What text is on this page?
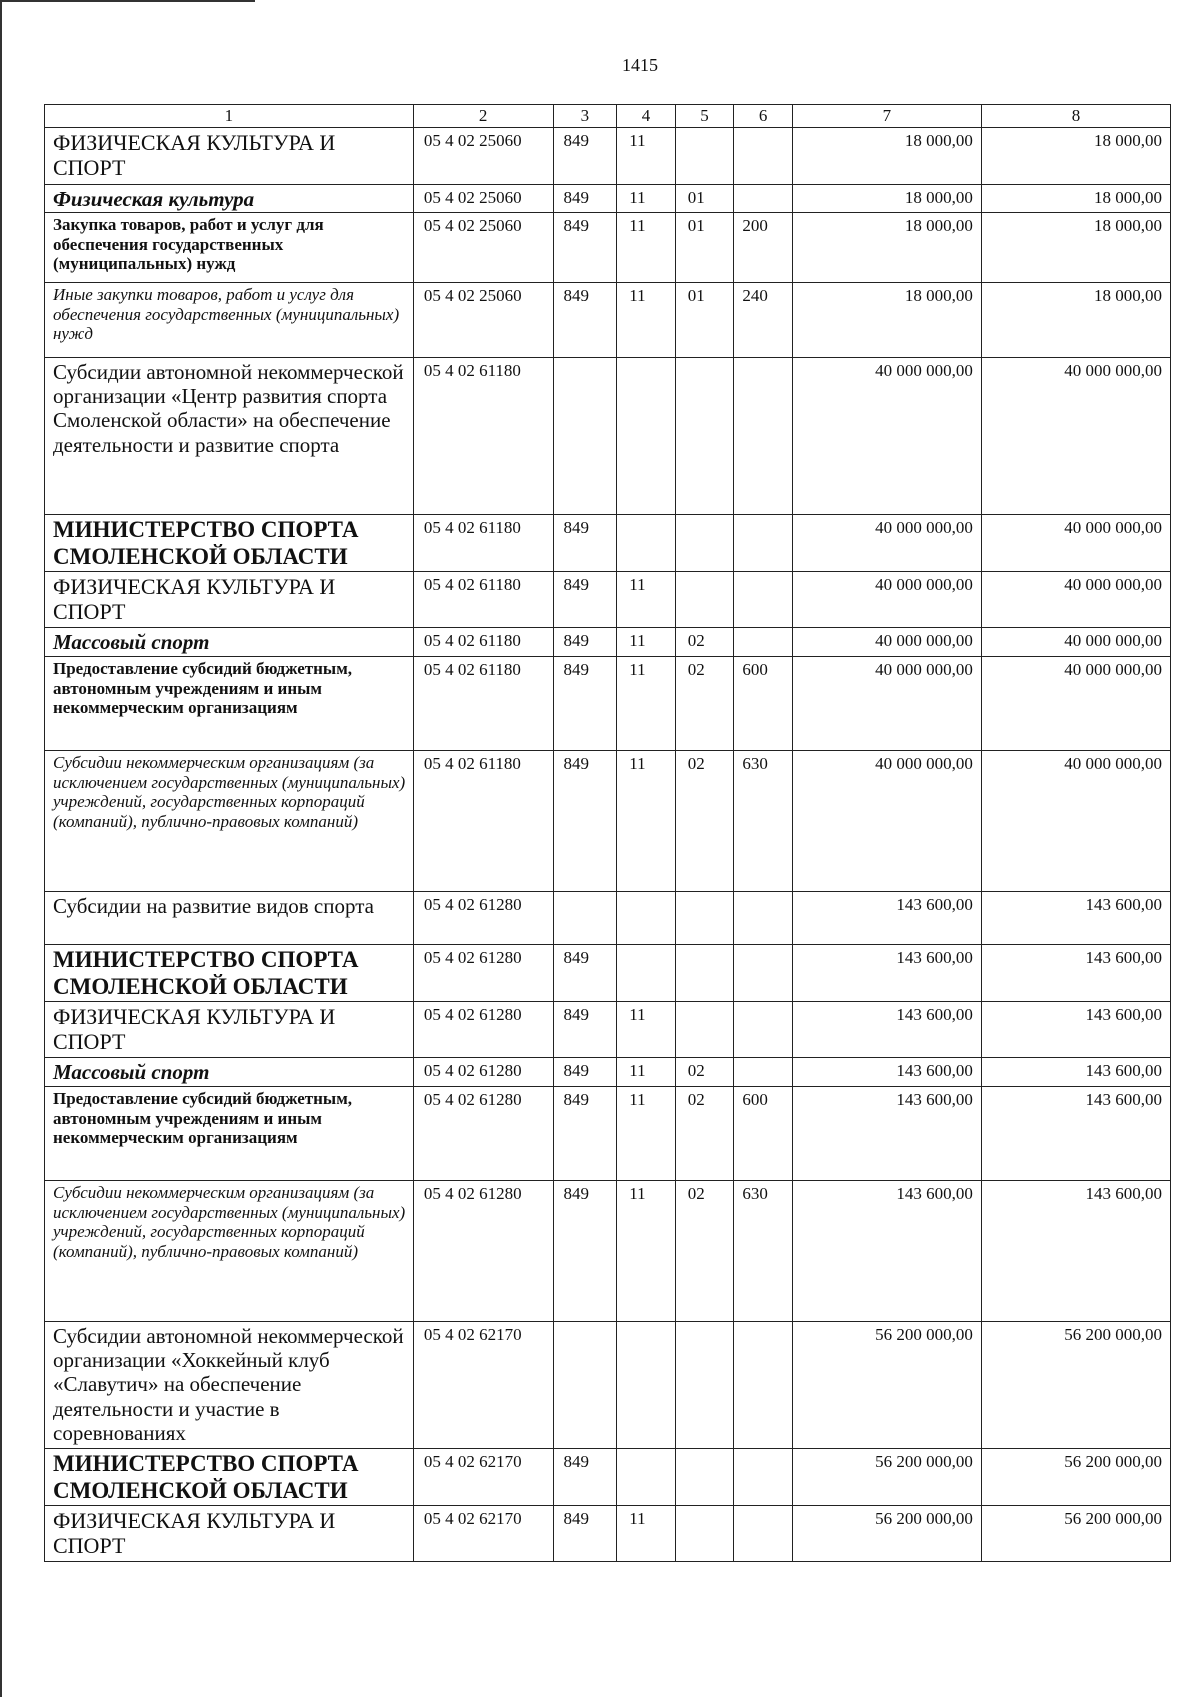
1415
1	2	3	4	5	6	7	8
ФИЗИЧЕСКАЯ КУЛЬТУРА И СПОРТ	05 4 02 25060	849	11			18 000,00	18 000,00
Физическая культура	05 4 02 25060	849	11	01		18 000,00	18 000,00
Закупка товаров, работ и услуг для обеспечения государственных (муниципальных) нужд	05 4 02 25060	849	11	01	200	18 000,00	18 000,00
Иные закупки товаров, работ и услуг для обеспечения государственных (муниципальных) нужд	05 4 02 25060	849	11	01	240	18 000,00	18 000,00
Субсидии автономной некоммерческой организации «Центр развития спорта Смоленской области» на обеспечение деятельности и развитие спорта	05 4 02 61180					40 000 000,00	40 000 000,00
МИНИСТЕРСТВО СПОРТА СМОЛЕНСКОЙ ОБЛАСТИ	05 4 02 61180	849				40 000 000,00	40 000 000,00
ФИЗИЧЕСКАЯ КУЛЬТУРА И СПОРТ	05 4 02 61180	849	11			40 000 000,00	40 000 000,00
Массовый спорт	05 4 02 61180	849	11	02		40 000 000,00	40 000 000,00
Предоставление субсидий бюджетным, автономным учреждениям и иным некоммерческим организациям	05 4 02 61180	849	11	02	600	40 000 000,00	40 000 000,00
Субсидии некоммерческим организациям (за исключением государственных (муниципальных) учреждений, государственных корпораций (компаний), публично-правовых компаний)	05 4 02 61180	849	11	02	630	40 000 000,00	40 000 000,00
Субсидии на развитие видов спорта	05 4 02 61280					143 600,00	143 600,00
МИНИСТЕРСТВО СПОРТА СМОЛЕНСКОЙ ОБЛАСТИ	05 4 02 61280	849				143 600,00	143 600,00
ФИЗИЧЕСКАЯ КУЛЬТУРА И СПОРТ	05 4 02 61280	849	11			143 600,00	143 600,00
Массовый спорт	05 4 02 61280	849	11	02		143 600,00	143 600,00
Предоставление субсидий бюджетным, автономным учреждениям и иным некоммерческим организациям	05 4 02 61280	849	11	02	600	143 600,00	143 600,00
Субсидии некоммерческим организациям (за исключением государственных (муниципальных) учреждений, государственных корпораций (компаний), публично-правовых компаний)	05 4 02 61280	849	11	02	630	143 600,00	143 600,00
Субсидии автономной некоммерческой организации «Хоккейный клуб «Славутич» на обеспечение деятельности и участие в соревнованиях	05 4 02 62170					56 200 000,00	56 200 000,00
МИНИСТЕРСТВО СПОРТА СМОЛЕНСКОЙ ОБЛАСТИ	05 4 02 62170	849				56 200 000,00	56 200 000,00
ФИЗИЧЕСКАЯ КУЛЬТУРА И СПОРТ	05 4 02 62170	849	11			56 200 000,00	56 200 000,00
